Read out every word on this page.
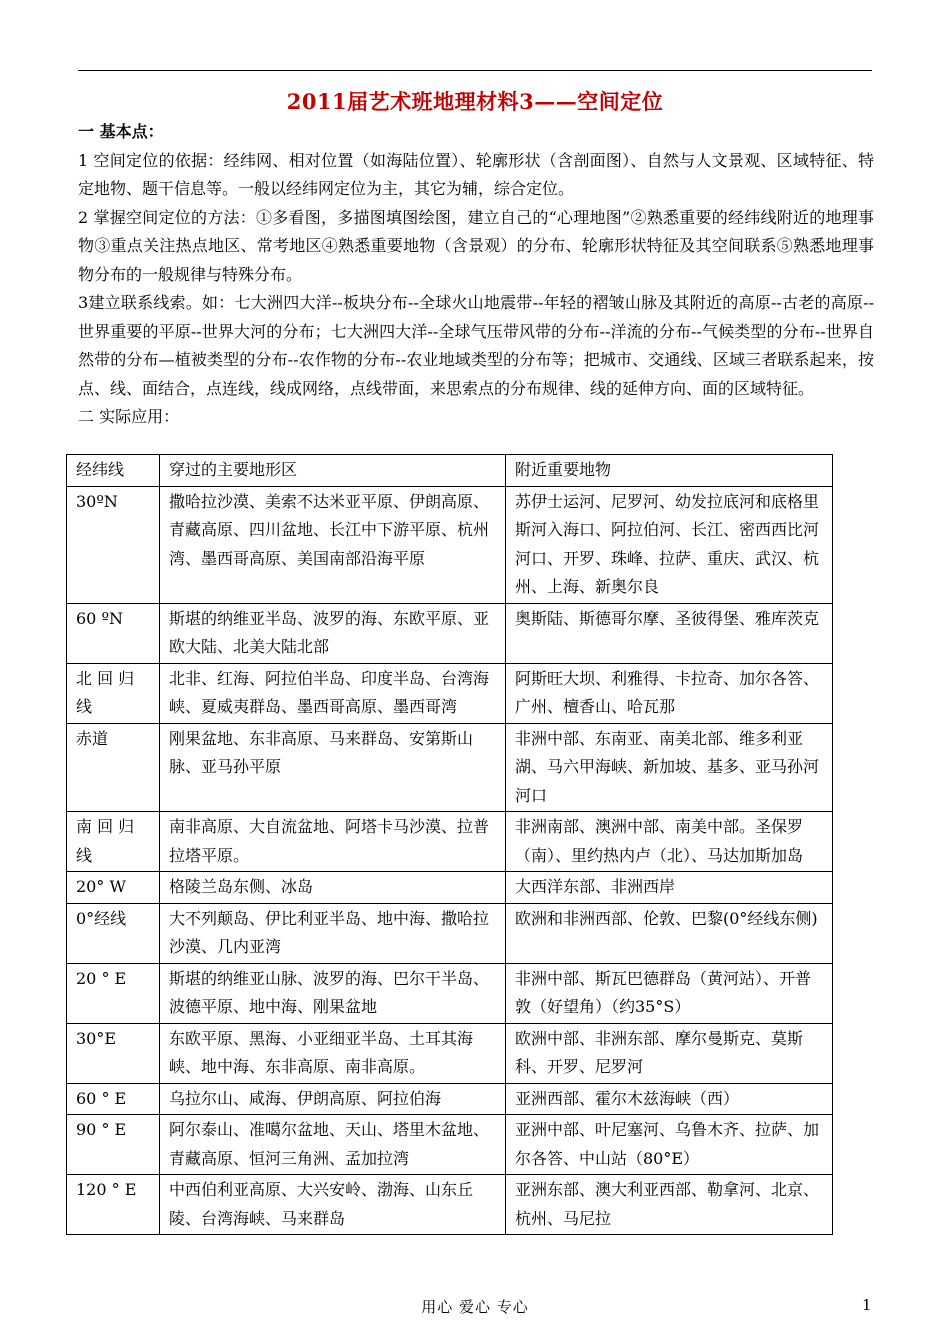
2011届艺术班地理材料3——空间定位
一 基本点：
1 空间定位的依据：经纬网、相对位置（如海陆位置）、轮廓形状（含剖面图）、自然与人文景观、区域特征、特定地物、题干信息等。一般以经纬网定位为主，其它为辅，综合定位。
2 掌握空间定位的方法：①多看图，多描图填图绘图，建立自己的“心理地图”②熟悉重要的经纬线附近的地理事物③重点关注热点地区、常考地区④熟悉重要地物（含景观）的分布、轮廓形状特征及其空间联系⑤熟悉地理事物分布的一般规律与特殊分布。
3建立联系线索。如：七大洲四大洋--板块分布--全球火山地震带--年轻的褶皱山脉及其附近的高原--古老的高原--世界重要的平原--世界大河的分布；七大洲四大洋--全球气压带风带的分布--洋流的分布--气候类型的分布--世界自然带的分布—植被类型的分布--农作物的分布--农业地域类型的分布等；把城市、交通线、区域三者联系起来，按点、线、面结合，点连线，线成网络，点线带面，来思索点的分布规律、线的延伸方向、面的区域特征。
二 实际应用：
经纬线	穿过的主要地形区	附近重要地物
30ºN	撒哈拉沙漠、美索不达米亚平原、伊朗高原、青藏高原、四川盆地、长江中下游平原、杭州湾、墨西哥高原、美国南部沿海平原	苏伊士运河、尼罗河、幼发拉底河和底格里斯河入海口、阿拉伯河、长江、密西西比河河口、开罗、珠峰、拉萨、重庆、武汉、杭州、上海、新奥尔良
60 ºN	斯堪的纳维亚半岛、波罗的海、东欧平原、亚欧大陆、北美大陆北部	奥斯陆、斯德哥尔摩、圣彼得堡、雅库茨克
北 回 归 线	北非、红海、阿拉伯半岛、印度半岛、台湾海峡、夏威夷群岛、墨西哥高原、墨西哥湾	阿斯旺大坝、利雅得、卡拉奇、加尔各答、广州、檀香山、哈瓦那
赤道	刚果盆地、东非高原、马来群岛、安第斯山脉、亚马孙平原	非洲中部、东南亚、南美北部、维多利亚湖、马六甲海峡、新加坡、基多、亚马孙河河口
南 回 归 线	南非高原、大自流盆地、阿塔卡马沙漠、拉普拉塔平原。	非洲南部、澳洲中部、南美中部。圣保罗（南）、里约热内卢（北）、马达加斯加岛
20° W	格陵兰岛东侧、冰岛	大西洋东部、非洲西岸
0°经线	大不列颠岛、伊比利亚半岛、地中海、撒哈拉沙漠、几内亚湾	欧洲和非洲西部、伦敦、巴黎(0°经线东侧)
20 ° E	斯堪的纳维亚山脉、波罗的海、巴尔干半岛、波德平原、地中海、刚果盆地	非洲中部、斯瓦巴德群岛（黄河站）、开普敦（好望角）（约35°S）
30°E	东欧平原、黑海、小亚细亚半岛、土耳其海峡、地中海、东非高原、南非高原。	欧洲中部、非洲东部、摩尔曼斯克、莫斯科、开罗、尼罗河
60 ° E	乌拉尔山、咸海、伊朗高原、阿拉伯海	亚洲西部、霍尔木兹海峡（西）
90 ° E	阿尔泰山、准噶尔盆地、天山、塔里木盆地、青藏高原、恒河三角洲、孟加拉湾	亚洲中部、叶尼塞河、乌鲁木齐、拉萨、加尔各答、中山站（80°E）
120 ° E	中西伯利亚高原、大兴安岭、渤海、山东丘陵、台湾海峡、马来群岛	亚洲东部、澳大利亚西部、勒拿河、北京、杭州、马尼拉
用心 爱心 专心	1
